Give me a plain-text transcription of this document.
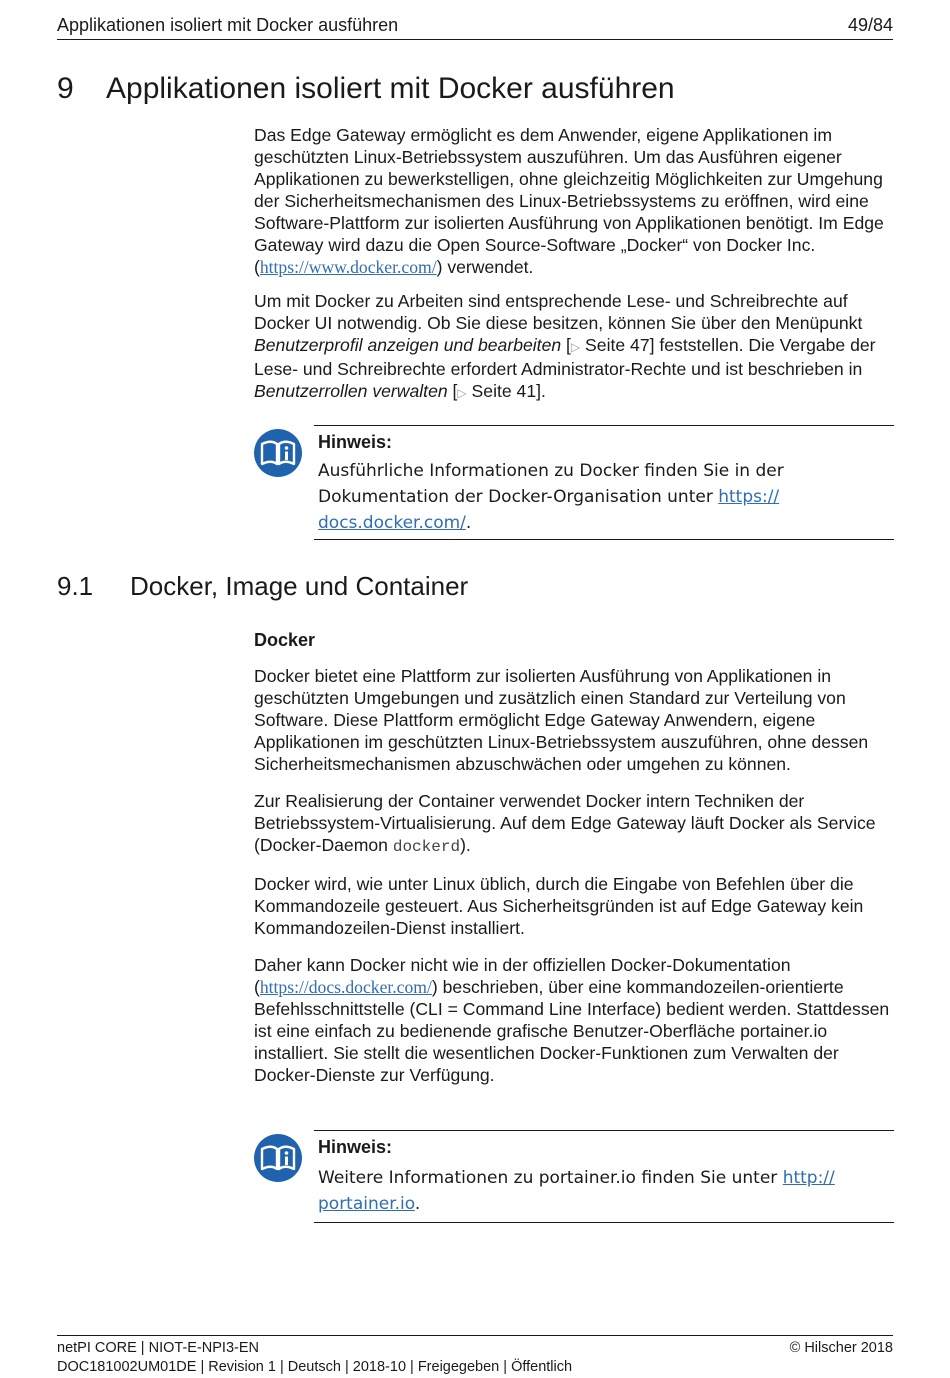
Applikationen isoliert mit Docker ausführen	49/84
9 Applikationen isoliert mit Docker ausführen

Das Edge Gateway ermöglicht es dem Anwender, eigene Applikationen im geschützten Linux-Betriebssystem auszuführen. Um das Ausführen eigener Applikationen zu bewerkstelligen, ohne gleichzeitig Möglichkeiten zur Umgehung der Sicherheitsmechanismen des Linux-Betriebssystems zu eröffnen, wird eine Software-Plattform zur isolierten Ausführung von Applikationen benötigt. Im Edge Gateway wird dazu die Open Source-Software „Docker“ von Docker Inc. (https://www.docker.com/) verwendet.

Um mit Docker zu Arbeiten sind entsprechende Lese- und Schreibrechte auf Docker UI notwendig. Ob Sie diese besitzen, können Sie über den Menüpunkt Benutzerprofil anzeigen und bearbeiten [▷ Seite 47] feststellen. Die Vergabe der Lese- und Schreibrechte erfordert Administrator-Rechte und ist beschrieben in Benutzerrollen verwalten [▷ Seite 41].

Hinweis:
Ausführliche Informationen zu Docker finden Sie in der Dokumentation der Docker-Organisation unter https://docs.docker.com/.
9.1 Docker, Image und Container

Docker

Docker bietet eine Plattform zur isolierten Ausführung von Applikationen in geschützten Umgebungen und zusätzlich einen Standard zur Verteilung von Software. Diese Plattform ermöglicht Edge Gateway Anwendern, eigene Applikationen im geschützten Linux-Betriebssystem auszuführen, ohne dessen Sicherheitsmechanismen abzuschwächen oder umgehen zu können.

Zur Realisierung der Container verwendet Docker intern Techniken der Betriebssystem-Virtualisierung. Auf dem Edge Gateway läuft Docker als Service (Docker-Daemon dockerd).

Docker wird, wie unter Linux üblich, durch die Eingabe von Befehlen über die Kommandozeile gesteuert. Aus Sicherheitsgründen ist auf Edge Gateway kein Kommandozeilen-Dienst installiert.

Daher kann Docker nicht wie in der offiziellen Docker-Dokumentation (https://docs.docker.com/) beschrieben, über eine kommandozeilen-orientierte Befehlsschnittstelle (CLI = Command Line Interface) bedient werden. Stattdessen ist eine einfach zu bedienende grafische Benutzer-Oberfläche portainer.io installiert. Sie stellt die wesentlichen Docker-Funktionen zum Verwalten der Docker-Dienste zur Verfügung.

Hinweis:
Weitere Informationen zu portainer.io finden Sie unter http://portainer.io.
netPI CORE | NIOT-E-NPI3-EN	© Hilscher 2018
DOC181002UM01DE | Revision 1 | Deutsch | 2018-10 | Freigegeben | Öffentlich
